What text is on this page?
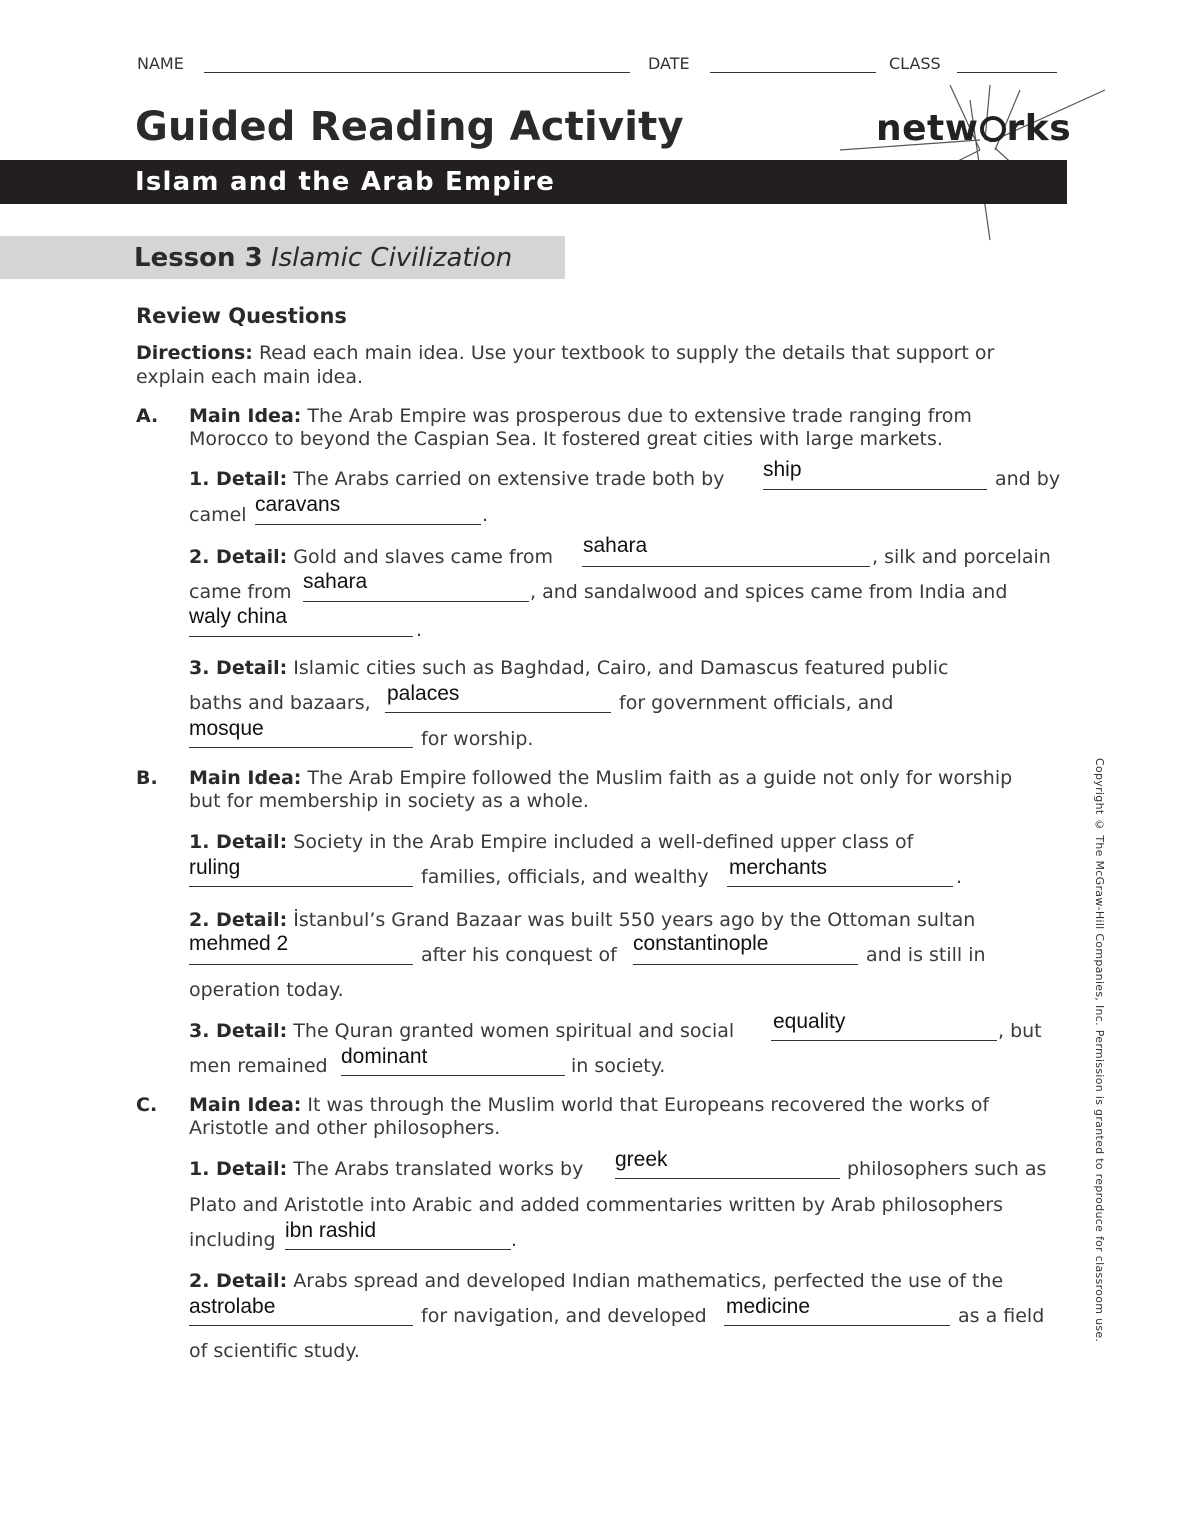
NAME	DATE	CLASS
Guided Reading Activity	netw rks
Islam and the Arab Empire
Lesson 3 Islamic Civilization
Review Questions
Directions: Read each main idea. Use your textbook to supply the details that support or
explain each main idea.
A. Main Idea: The Arab Empire was prosperous due to extensive trade ranging from
Morocco to beyond the Caspian Sea. It fostered great cities with large markets.
1. Detail: The Arabs carried on extensive trade both by ship	and by
camel caravans	.
2. Detail: Gold and slaves came from sahara	, silk and porcelain
came from sahara	, and sandalwood and spices came from India and
waly china
.
3. Detail: Islamic cities such as Baghdad, Cairo, and Damascus featured public
baths and bazaars, palaces	for government officials, and
mosque	for worship.
B. Main Idea: The Arab Empire followed the Muslim faith as a guide not only for worship
but for membership in society as a whole.
1. Detail: Society in the Arab Empire included a well-defined upper class of
ruling	families, officials, and wealthy merchants	.
2. Detail: İstanbul’s Grand Bazaar was built 550 years ago by the Ottoman sultan
mehmed 2	after his conquest of constantinople	and is still in
operation today.
3. Detail: The Quran granted women spiritual and social equality	, but
men remained dominant	in society.
C. Main Idea: It was through the Muslim world that Europeans recovered the works of
Aristotle and other philosophers.
1. Detail: The Arabs translated works by greek	philosophers such as
Plato and Aristotle into Arabic and added commentaries written by Arab philosophers
including ibn rashid	.
2. Detail: Arabs spread and developed Indian mathematics, perfected the use of the
astrolabe	for navigation, and developed medicine	as a field
of scientific study.
Copyright © The McGraw-Hill Companies, Inc. Permission is granted to reproduce for classroom use.
